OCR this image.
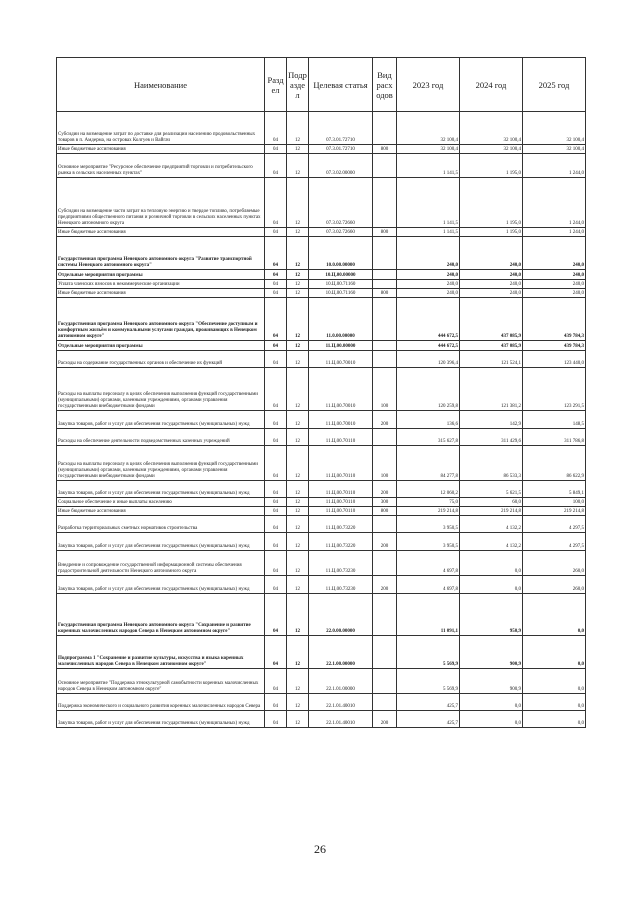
Наименование	Разд ел	Подр азде л	Целевая статья	Вид расх одов	2023 год	2024 год	2025 год
Субсидии на возмещение затрат по доставке для реализации населению продовольственных товаров в п. Амдерма, на островах Колгуев и Вайгач	04	12	07.3.01.72710		32 100,4	32 100,4	32 100,4
Иные бюджетные ассигнования	04	12	07.3.01.72710	800	32 100,4	32 100,4	32 100,4
Основное мероприятие "Ресурсное обеспечение предприятий торговли и потребительского рынка в сельских населенных пунктах"	04	12	07.3.02.00000		1 141,5	1 195,0	1 244,0
Субсидии на возмещение части затрат на тепловую энергию и твердое топливо, потребляемые предприятиями общественного питания и розничной торговли в сельских населенных пунктах Ненецкого автономного округа	04	12	07.3.02.72660		1 141,5	1 195,0	1 244,0
Иные бюджетные ассигнования	04	12	07.3.02.72660	800	1 141,5	1 195,0	1 244,0
Государственная программа Ненецкого автономного округа "Развитие транспортной системы Ненецкого автономного округа"	04	12	10.0.00.00000		240,0	240,0	240,0
Отдельные мероприятия программы	04	12	10.Ц.00.00000		240,0	240,0	240,0
Уплата членских взносов в некоммерческие организации	04	12	10.Ц.00.71160		240,0	240,0	240,0
Иные бюджетные ассигнования	04	12	10.Ц.00.71160	800	240,0	240,0	240,0
Государственная программа Ненецкого автономного округа "Обеспечение доступным и комфортным жильём и коммунальными услугами граждан, проживающих в Ненецком автономном округе"	04	12	11.0.00.00000		444 672,5	437 085,9	439 784,3
Отдельные мероприятия программы	04	12	11.Ц.00.00000		444 672,5	437 085,9	439 784,3
Расходы на содержание государственных органов и обеспечение их функций	04	12	11.Ц.00.70010		120 396,4	121 524,1	123 440,0
Расходы на выплаты персоналу в целях обеспечения выполнения функций государственными (муниципальными) органами, казенными учреждениями, органами управления государственными внебюджетными фондами	04	12	11.Ц.00.70010	100	120 259,8	121 381,2	123 291,5
Закупка товаров, работ и услуг для обеспечения государственных (муниципальных) нужд	04	12	11.Ц.00.70010	200	136,6	142,9	148,5
Расходы на обеспечение деятельности подведомственных казенных учреждений	04	12	11.Ц.00.70110		315 627,8	311 429,6	311 786,8
Расходы на выплаты персоналу в целях обеспечения выполнения функций государственными (муниципальными) органами, казенными учреждениями, органами управления государственными внебюджетными фондами	04	12	11.Ц.00.70110	100	84 277,8	86 533,3	86 622,9
Закупка товаров, работ и услуг для обеспечения государственных (муниципальных) нужд	04	12	11.Ц.00.70110	200	12 060,2	5 621,5	5 849,1
Социальное обеспечение и иные выплаты населению	04	12	11.Ц.00.70110	300	75,0	60,0	100,0
Иные бюджетные ассигнования	04	12	11.Ц.00.70110	800	219 214,8	219 214,8	219 214,8
Разработка территориальных сметных нормативов строительства	04	12	11.Ц.00.73220		3 950,5	4 132,2	4 297,5
Закупка товаров, работ и услуг для обеспечения государственных (муниципальных) нужд	04	12	11.Ц.00.73220	200	3 950,5	4 132,2	4 297,5
Внедрение и сопровождение государственной информационной системы обеспечения градостроительной деятельности Ненецкого автономного округа	04	12	11.Ц.00.73230		4 697,8	0,0	260,0
Закупка товаров, работ и услуг для обеспечения государственных (муниципальных) нужд	04	12	11.Ц.00.73230	200	4 697,8	0,0	260,0
Государственная программа Ненецкого автономного округа "Сохранение и развитие коренных малочисленных народов Севера в Ненецком автономном округе"	04	12	22.0.00.00000		11 091,1	950,9	0,0
Подпрограмма 1 "Сохранение и развитие культуры, искусства и языка коренных малочисленных народов Севера в Ненецком автономном округе"	04	12	22.1.00.00000		5 569,9	900,9	0,0
Основное мероприятие "Поддержка этнокультурной самобытности коренных малочисленных народов Севера в Ненецком автономном округе"	04	12	22.1.01.00000		5 569,9	900,9	0,0
Поддержка экономического и социального развития коренных малочисленных народов Севера	04	12	22.1.01.40010		425,7	0,0	0,0
Закупка товаров, работ и услуг для обеспечения государственных (муниципальных) нужд	04	12	22.1.01.40010	200	425,7	0,0	0,0
26
